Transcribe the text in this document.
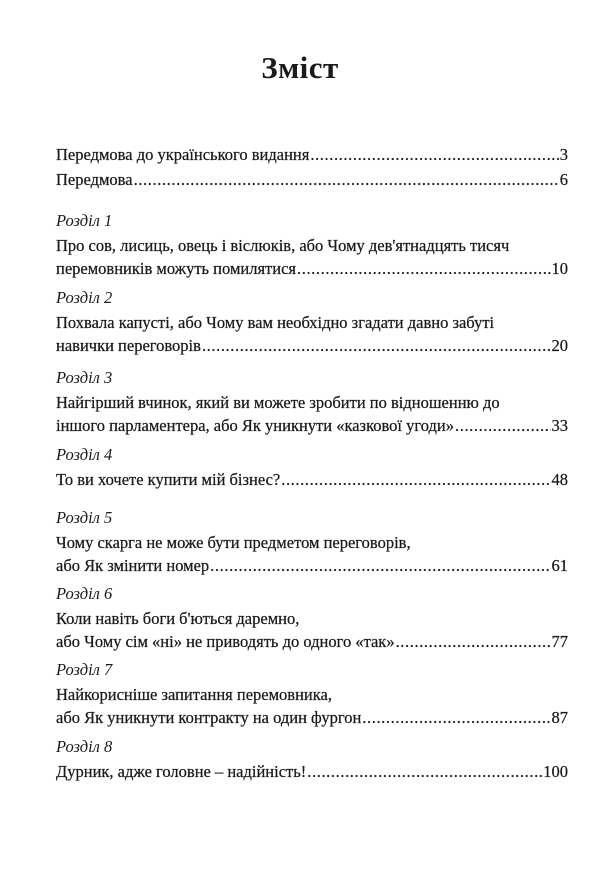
Зміст
Передмова до українського видання .....	3
Передмова .....	6
Розділ 1
Про сов, лисиць, овець і віслюків, або Чому дев'ятнадцять тисяч
перемовників можуть помилятися .....	10
Розділ 2
Похвала капусті, або Чому вам необхідно згадати давно забуті
навички переговорів .....	20
Розділ 3
Найгірший вчинок, який ви можете зробити по відношенню до
іншого парламентера, або Як уникнути «казкової угоди» .....	33
Розділ 4
То ви хочете купити мій бізнес? .....	48
Розділ 5
Чому скарга не може бути предметом переговорів,
або Як змінити номер .....	61
Розділ 6
Коли навіть боги б'ються даремно,
або Чому сім «ні» не приводять до одного «так» .....	77
Розділ 7
Найкорисніше запитання перемовника,
або Як уникнути контракту на один фургон .....	87
Розділ 8
Дурник, адже головне – надійність! .....	100
